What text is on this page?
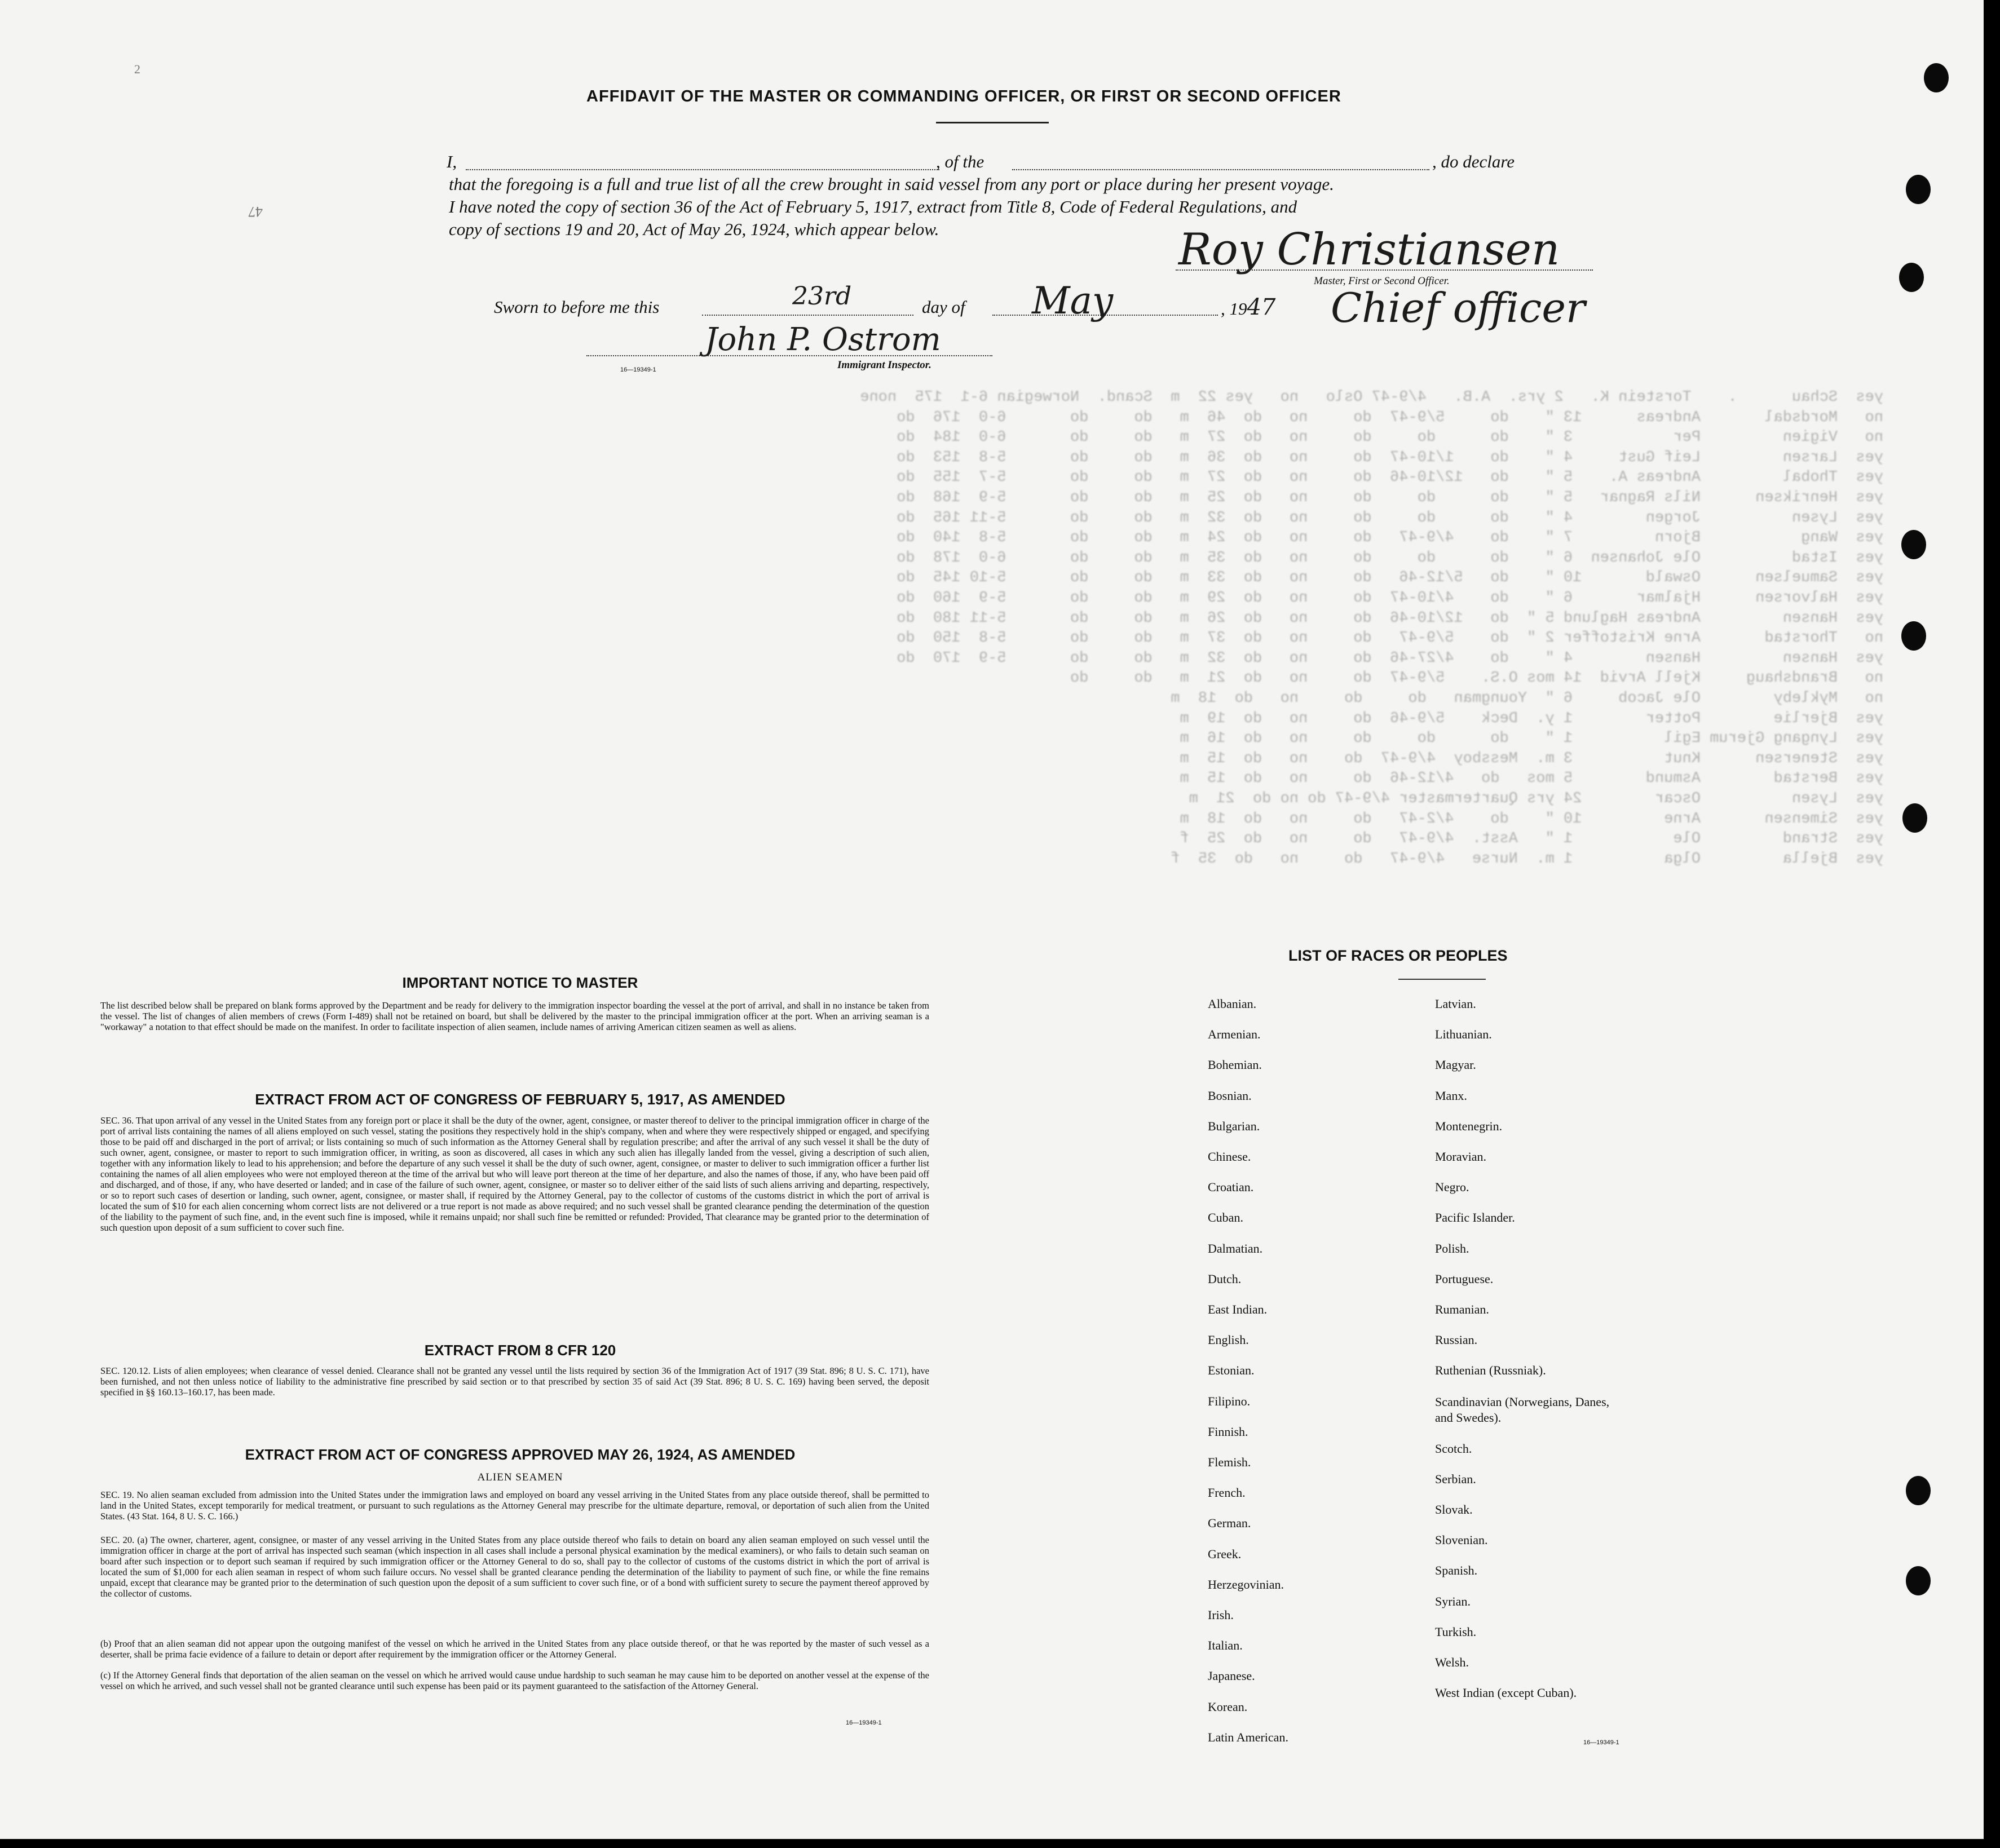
2
47
AFFIDAVIT OF THE MASTER OR COMMANDING OFFICER, OR FIRST OR SECOND OFFICER
I,	, of the	, do declare
that the foregoing is a full and true list of all the crew brought in said vessel from any port or place during her present voyage.
I have noted the copy of section 36 of the Act of February 5, 1917, extract from Title 8, Code of Federal Regulations, and
copy of sections 19 and 20, Act of May 26, 1924, which appear below.	Roy Christiansen
Master, First or Second Officer.
Chief officer
Sworn to before me this	23rd	day of May	, 1947
John P. Ostrom
16—19349-1	Immigrant Inspector.
yes  Schau      .    Torstein K.   2 yrs.  A.B.   4/9-47 Oslo   no   yes 22  m  Scand.  Norwegian 6-1  175  none
no   Mordsdal       Andreas      13 "    do     5/9-47  do     no   do  46  m   do     do       6-0  176  do
no   Vigien         Per           3 "    do      do     do     no   do  27  m   do     do       6-0  184  do
yes  Larsen         Leif Gust     4 "    do    1/10-47  do     no   do  36  m   do     do       5-8  153  do
yes  Thobal         Andreas A.    5 "    do   12/10-46  do     no   do  27  m   do     do       5-7  155  do
yes  Henriksen      Nils Ragnar   5 "    do      do     do     no   do  25  m   do     do       5-9  168  do
yes  Lysen          Jorgen        4 "    do      do     do     no   do  32  m   do     do       5-11 165  do
yes  Wang           Bjorn         7 "    do    4/9-47   do     no   do  24  m   do     do       5-8  140  do
yes  Istad          Ole Johansen  6 "    do      do     do     no   do  35  m   do     do       6-0  178  do
yes  Samuelsen      Oswald       10 "    do   5/12-46   do     no   do  33  m   do     do       5-10 145  do
yes  Halvorsen      Hjalmar       6 "    do    4/10-47  do     no   do  29  m   do     do       5-9  160  do
yes  Hansen         Andreas Haglund 5 "  do   12/10-46  do     no   do  26  m   do     do       5-11 180  do
no   Thorstad       Arne Kristoffer 2 "  do    5/9-47   do     no   do  37  m   do     do       5-8  150  do
yes  Hansen         Hansen        4 "    do    4/27-46  do     no   do  32  m   do     do       5-9  170  do
no   Brandshaug     Kjell Arvid  14 mos O.S.    5/9-47  do     no   do  21  m   do     do
no   Mykleby        Ole Jacob     6 "  Youngman   do     do     no   do  18  m
yes  Bjerlie        Potter        1 y.  Deck    5/9-46  do     no   do  19  m
yes  Lyngang Gjerum Egil          1 "    do      do     do     no   do  16  m
yes  Stenersen      Knut          3 m.  Messboy  4/9-47  do    no   do  15  m
yes  Berstad        Asmund        5 mos   do   4/12-46  do     no   do  15  m
yes  Lysen          Oscar        24 yrs Quartermaster 4/9-47 do no do  21  m
yes  Simensen       Arne         10 "    do    4/2-47   do     no   do  18  m
yes  Strand         Ole           1 "   Asst.  4/9-47   do     no   do  25  f
yes  Bjella         Olga          1 m.  Nurse   4/9-47   do     no   do  35  f
IMPORTANT NOTICE TO MASTER
The list described below shall be prepared on blank forms approved by the Department and be ready for delivery to the immigration inspector boarding the vessel at the port of arrival, and shall in no instance be taken from the vessel. The list of changes of alien members of crews (Form I-489) shall not be retained on board, but shall be delivered by the master to the principal immigration officer at the port. When an arriving seaman is a "workaway" a notation to that effect should be made on the manifest. In order to facilitate inspection of alien seamen, include names of arriving American citizen seamen as well as aliens.
EXTRACT FROM ACT OF CONGRESS OF FEBRUARY 5, 1917, AS AMENDED
SEC. 36. That upon arrival of any vessel in the United States from any foreign port or place it shall be the duty of the owner, agent, consignee, or master thereof to deliver to the principal immigration officer in charge of the port of arrival lists containing the names of all aliens employed on such vessel, stating the positions they respectively hold in the ship's company, when and where they were respectively shipped or engaged, and specifying those to be paid off and discharged in the port of arrival; or lists containing so much of such information as the Attorney General shall by regulation prescribe; and after the arrival of any such vessel it shall be the duty of such owner, agent, consignee, or master to report to such immigration officer, in writing, as soon as discovered, all cases in which any such alien has illegally landed from the vessel, giving a description of such alien, together with any information likely to lead to his apprehension; and before the departure of any such vessel it shall be the duty of such owner, agent, consignee, or master to deliver to such immigration officer a further list containing the names of all alien employees who were not employed thereon at the time of the arrival but who will leave port thereon at the time of her departure, and also the names of those, if any, who have been paid off and discharged, and of those, if any, who have deserted or landed; and in case of the failure of such owner, agent, consignee, or master so to deliver either of the said lists of such aliens arriving and departing, respectively, or so to report such cases of desertion or landing, such owner, agent, consignee, or master shall, if required by the Attorney General, pay to the collector of customs of the customs district in which the port of arrival is located the sum of $10 for each alien concerning whom correct lists are not delivered or a true report is not made as above required; and no such vessel shall be granted clearance pending the determination of the question of the liability to the payment of such fine, and, in the event such fine is imposed, while it remains unpaid; nor shall such fine be remitted or refunded: Provided, That clearance may be granted prior to the determination of such question upon deposit of a sum sufficient to cover such fine.
EXTRACT FROM 8 CFR 120
SEC. 120.12. Lists of alien employees; when clearance of vessel denied. Clearance shall not be granted any vessel until the lists required by section 36 of the Immigration Act of 1917 (39 Stat. 896; 8 U. S. C. 171), have been furnished, and not then unless notice of liability to the administrative fine prescribed by said section or to that prescribed by section 35 of said Act (39 Stat. 896; 8 U. S. C. 169) having been served, the deposit specified in §§ 160.13–160.17, has been made.
EXTRACT FROM ACT OF CONGRESS APPROVED MAY 26, 1924, AS AMENDED
ALIEN SEAMEN
SEC. 19. No alien seaman excluded from admission into the United States under the immigration laws and employed on board any vessel arriving in the United States from any place outside thereof, shall be permitted to land in the United States, except temporarily for medical treatment, or pursuant to such regulations as the Attorney General may prescribe for the ultimate departure, removal, or deportation of such alien from the United States. (43 Stat. 164, 8 U. S. C. 166.)
SEC. 20. (a) The owner, charterer, agent, consignee, or master of any vessel arriving in the United States from any place outside thereof who fails to detain on board any alien seaman employed on such vessel until the immigration officer in charge at the port of arrival has inspected such seaman (which inspection in all cases shall include a personal physical examination by the medical examiners), or who fails to detain such seaman on board after such inspection or to deport such seaman if required by such immigration officer or the Attorney General to do so, shall pay to the collector of customs of the customs district in which the port of arrival is located the sum of $1,000 for each alien seaman in respect of whom such failure occurs. No vessel shall be granted clearance pending the determination of the liability to payment of such fine, or while the fine remains unpaid, except that clearance may be granted prior to the determination of such question upon the deposit of a sum sufficient to cover such fine, or of a bond with sufficient surety to secure the payment thereof approved by the collector of customs.
(b) Proof that an alien seaman did not appear upon the outgoing manifest of the vessel on which he arrived in the United States from any place outside thereof, or that he was reported by the master of such vessel as a deserter, shall be prima facie evidence of a failure to detain or deport after requirement by the immigration officer or the Attorney General.
(c) If the Attorney General finds that deportation of the alien seaman on the vessel on which he arrived would cause undue hardship to such seaman he may cause him to be deported on another vessel at the expense of the vessel on which he arrived, and such vessel shall not be granted clearance until such expense has been paid or its payment guaranteed to the satisfaction of the Attorney General.
16—19349-1
LIST OF RACES OR PEOPLES
Albanian.
Armenian.
Bohemian.
Bosnian.
Bulgarian.
Chinese.
Croatian.
Cuban.
Dalmatian.
Dutch.
East Indian.
English.
Estonian.
Filipino.
Finnish.
Flemish.
French.
German.
Greek.
Herzegovinian.
Irish.
Italian.
Japanese.
Korean.
Latin American.
Latvian.
Lithuanian.
Magyar.
Manx.
Montenegrin.
Moravian.
Negro.
Pacific Islander.
Polish.
Portuguese.
Rumanian.
Russian.
Ruthenian (Russniak).
Scandinavian (Norwegians, Danes, and Swedes).
Scotch.
Serbian.
Slovak.
Slovenian.
Spanish.
Syrian.
Turkish.
Welsh.
West Indian (except Cuban).
16—19349-1
